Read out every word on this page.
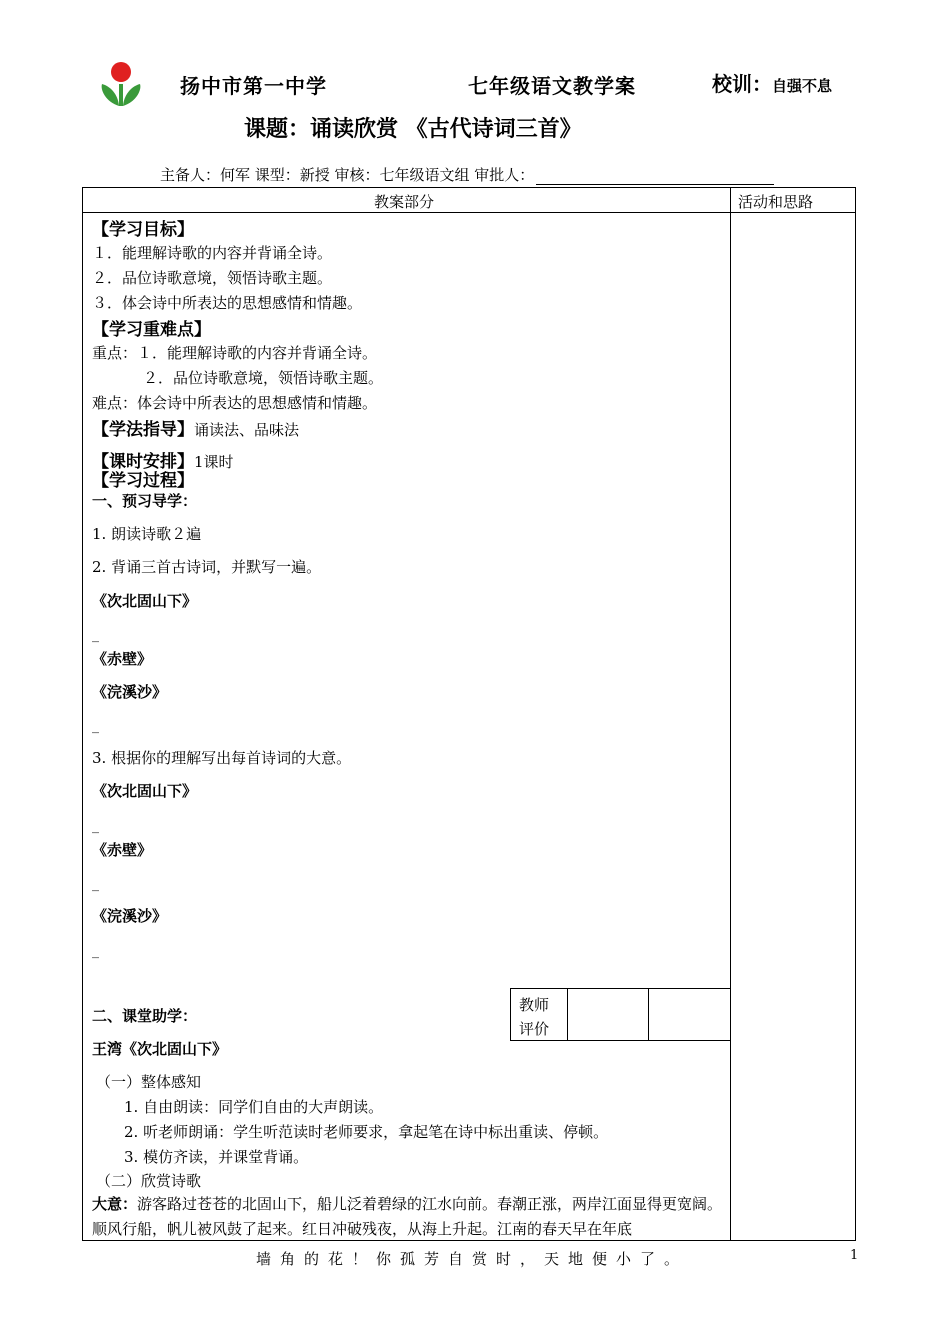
扬中市第一中学	七年级语文教学案	校训：自强不息
课题：诵读欣赏 《古代诗词三首》
主备人：何军 课型：新授 审核：七年级语文组 审批人：
教案部分	活动和思路
【学习目标】
１．能理解诗歌的内容并背诵全诗。
２．品位诗歌意境，领悟诗歌主题。
３．体会诗中所表达的思想感情和情趣。
【学习重难点】
重点：１．能理解诗歌的内容并背诵全诗。
２．品位诗歌意境，领悟诗歌主题。
难点：体会诗中所表达的思想感情和情趣。
【学法指导】诵读法、品味法
【课时安排】1课时
【学习过程】
一、预习导学：
1. 朗读诗歌２遍
2. 背诵三首古诗词，并默写一遍。
《次北固山下》
_
《赤壁》
《浣溪沙》
_
3. 根据你的理解写出每首诗词的大意。
《次北固山下》
_
《赤壁》
_
《浣溪沙》
_
教师评价
二、课堂助学：
王湾《次北固山下》
（一）整体感知
1. 自由朗读：同学们自由的大声朗读。
2. 听老师朗诵：学生听范读时老师要求，拿起笔在诗中标出重读、停顿。
3. 模仿齐读，并课堂背诵。
（二）欣赏诗歌
大意：游客路过苍苍的北固山下，船儿泛着碧绿的江水向前。春潮正涨，两岸江面显得更宽阔。顺风行船，帆儿被风鼓了起来。红日冲破残夜，从海上升起。江南的春天早在年底
墙角的花！你孤芳自赏时，天地便小了。	1
